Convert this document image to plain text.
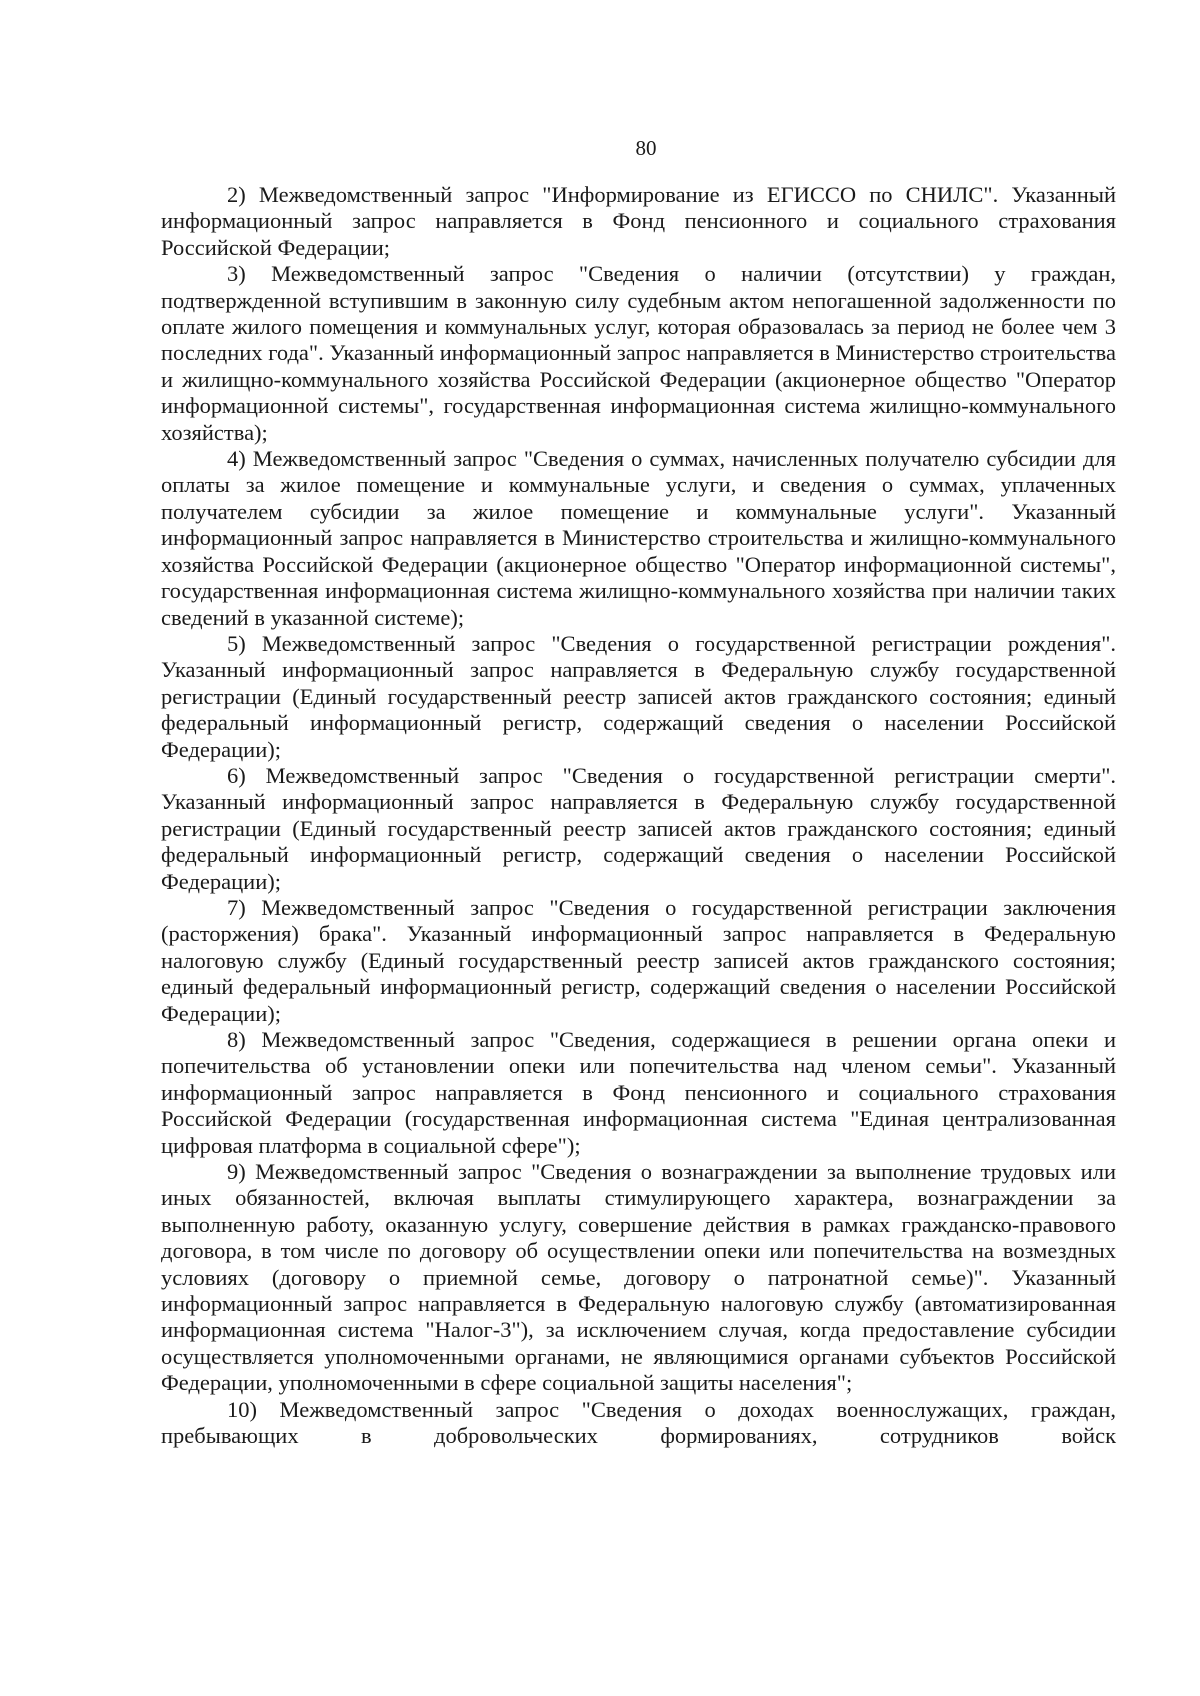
80

2) Межведомственный запрос "Информирование из ЕГИССО по СНИЛС". Указанный информационный запрос направляется в Фонд пенсионного и социального страхования Российской Федерации;

3) Межведомственный запрос "Сведения о наличии (отсутствии) у граждан, подтвержденной вступившим в законную силу судебным актом непогашенной задолженности по оплате жилого помещения и коммунальных услуг, которая образовалась за период не более чем 3 последних года". Указанный информационный запрос направляется в Министерство строительства и жилищно-коммунального хозяйства Российской Федерации (акционерное общество "Оператор информационной системы", государственная информационная система жилищно-коммунального хозяйства);

4) Межведомственный запрос "Сведения о суммах, начисленных получателю субсидии для оплаты за жилое помещение и коммунальные услуги, и сведения о суммах, уплаченных получателем субсидии за жилое помещение и коммунальные услуги". Указанный информационный запрос направляется в Министерство строительства и жилищно-коммунального хозяйства Российской Федерации (акционерное общество "Оператор информационной системы", государственная информационная система жилищно-коммунального хозяйства при наличии таких сведений в указанной системе);

5) Межведомственный запрос "Сведения о государственной регистрации рождения". Указанный информационный запрос направляется в Федеральную службу государственной регистрации (Единый государственный реестр записей актов гражданского состояния; единый федеральный информационный регистр, содержащий сведения о населении Российской Федерации);

6) Межведомственный запрос "Сведения о государственной регистрации смерти". Указанный информационный запрос направляется в Федеральную службу государственной регистрации (Единый государственный реестр записей актов гражданского состояния; единый федеральный информационный регистр, содержащий сведения о населении Российской Федерации);

7) Межведомственный запрос "Сведения о государственной регистрации заключения (расторжения) брака". Указанный информационный запрос направляется в Федеральную налоговую службу (Единый государственный реестр записей актов гражданского состояния; единый федеральный информационный регистр, содержащий сведения о населении Российской Федерации);

8) Межведомственный запрос "Сведения, содержащиеся в решении органа опеки и попечительства об установлении опеки или попечительства над членом семьи". Указанный информационный запрос направляется в Фонд пенсионного и социального страхования Российской Федерации (государственная информационная система "Единая централизованная цифровая платформа в социальной сфере");

9) Межведомственный запрос "Сведения о вознаграждении за выполнение трудовых или иных обязанностей, включая выплаты стимулирующего характера, вознаграждении за выполненную работу, оказанную услугу, совершение действия в рамках гражданско-правового договора, в том числе по договору об осуществлении опеки или попечительства на возмездных условиях (договору о приемной семье, договору о патронатной семье)". Указанный информационный запрос направляется в Федеральную налоговую службу (автоматизированная информационная система "Налог-3"), за исключением случая, когда предоставление субсидии осуществляется уполномоченными органами, не являющимися органами субъектов Российской Федерации, уполномоченными в сфере социальной защиты населения";

10) Межведомственный запрос "Сведения о доходах военнослужащих, граждан, пребывающих в добровольческих формированиях, сотрудников войск
